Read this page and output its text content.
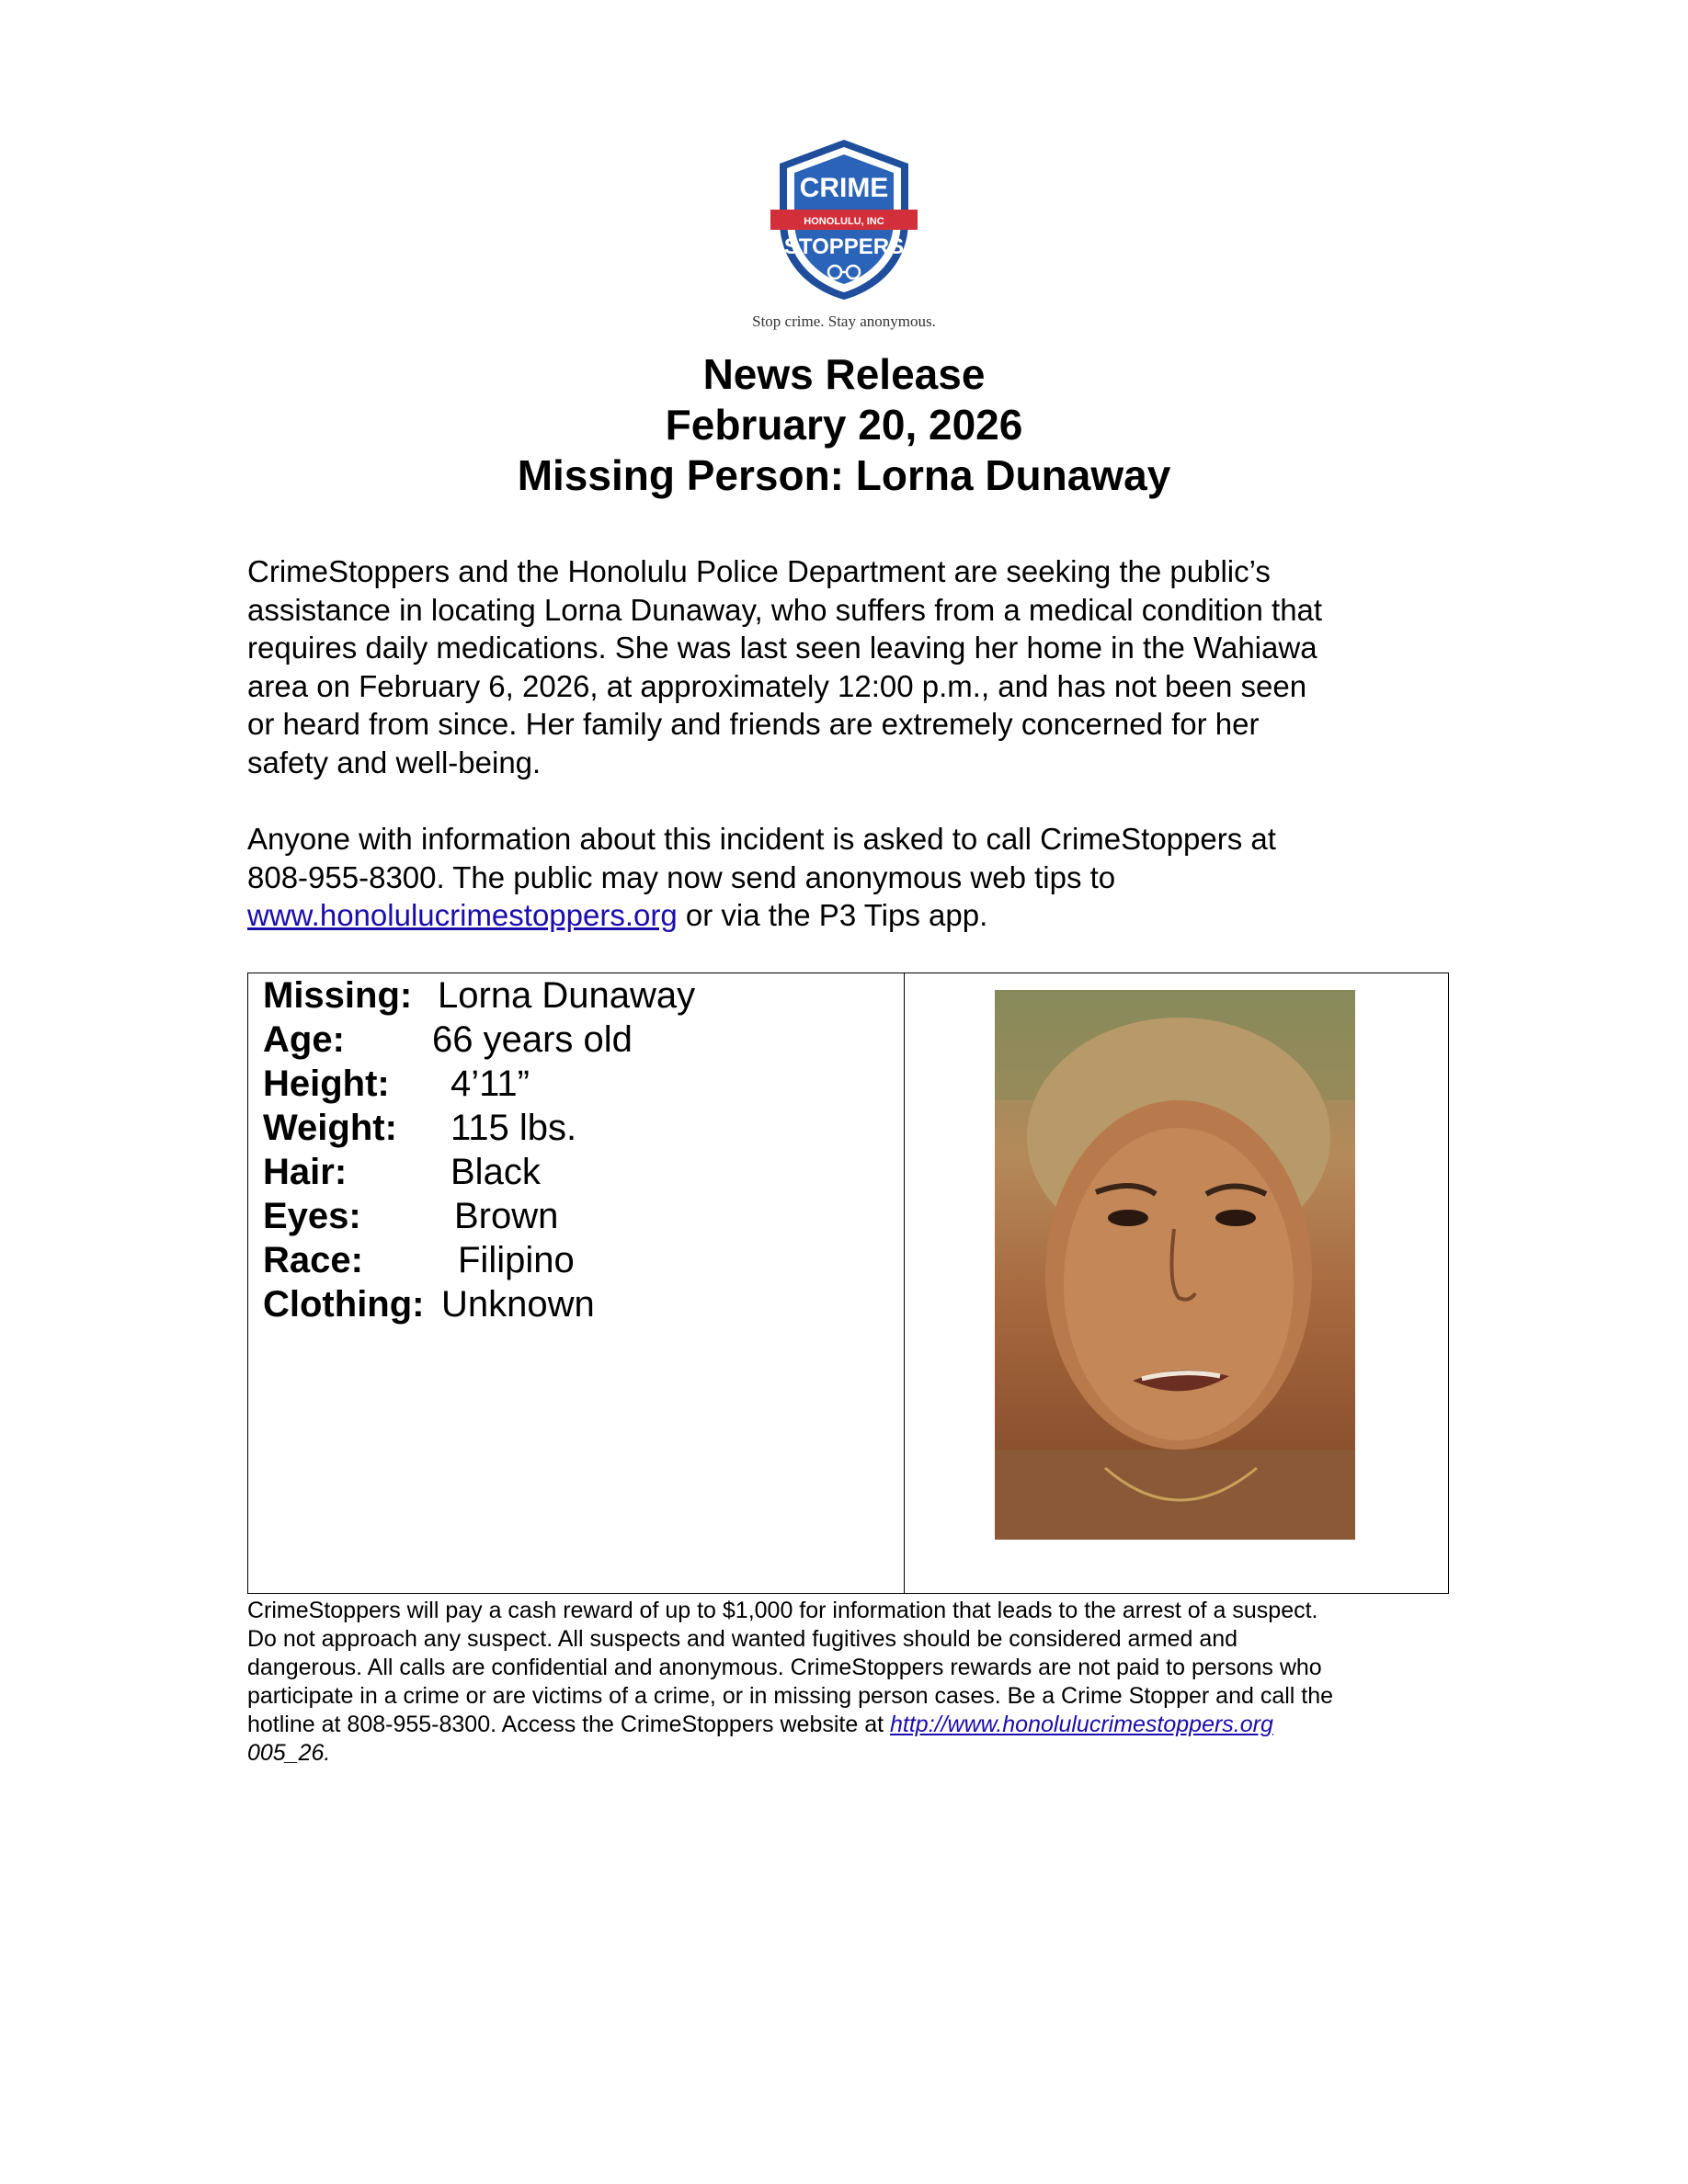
CRIME
HONOLULU, INC
STOPPERS
Stop crime. Stay anonymous.
News Release
February 20, 2026
Missing Person: Lorna Dunaway
CrimeStoppers and the Honolulu Police Department are seeking the public’s
assistance in locating Lorna Dunaway, who suffers from a medical condition that
requires daily medications. She was last seen leaving her home in the Wahiawa
area on February 6, 2026, at approximately 12:00 p.m., and has not been seen
or heard from since. Her family and friends are extremely concerned for her
safety and well-being.
Anyone with information about this incident is asked to call CrimeStoppers at
808-955-8300. The public may now send anonymous web tips to
www.honolulucrimestoppers.org or via the P3 Tips app.
Missing: Lorna Dunaway
Age: 66 years old
Height: 4’11”
Weight: 115 lbs.
Hair:	Black
Eyes:	Brown
Race:	Filipino
Clothing: Unknown
CrimeStoppers will pay a cash reward of up to $1,000 for information that leads to the arrest of a suspect.
Do not approach any suspect. All suspects and wanted fugitives should be considered armed and
dangerous. All calls are confidential and anonymous. CrimeStoppers rewards are not paid to persons who
participate in a crime or are victims of a crime, or in missing person cases. Be a Crime Stopper and call the
hotline at 808-955-8300. Access the CrimeStoppers website at http://www.honolulucrimestoppers.org
005_26.
